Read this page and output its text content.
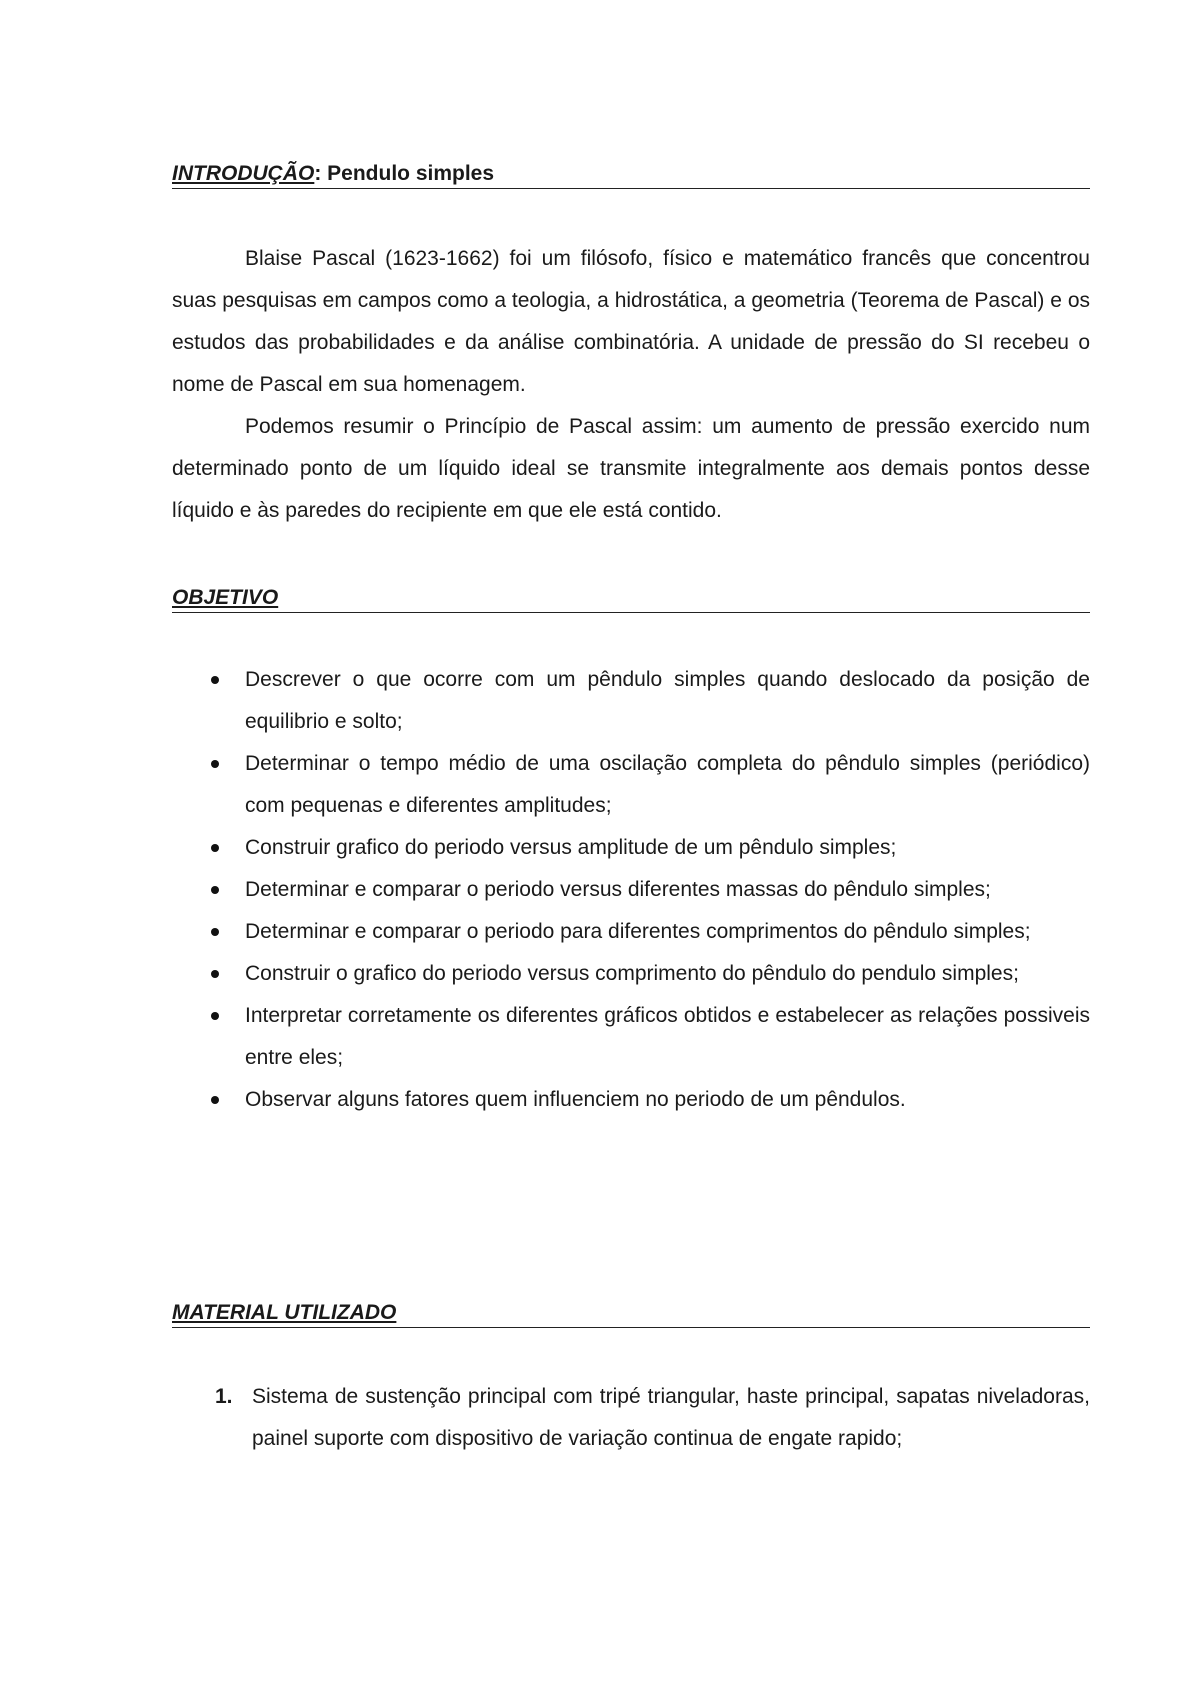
INTRODUÇÃO: Pendulo simples

Blaise Pascal (1623-1662) foi um filósofo, físico e matemático francês que concentrou suas pesquisas em campos como a teologia, a hidrostática, a geometria (Teorema de Pascal) e os estudos das probabilidades e da análise combinatória. A unidade de pressão do SI recebeu o nome de Pascal em sua homenagem.

Podemos resumir o Princípio de Pascal assim: um aumento de pressão exercido num determinado ponto de um líquido ideal se transmite integralmente aos demais pontos desse líquido e às paredes do recipiente em que ele está contido.

OBJETIVO
Descrever o que ocorre com um pêndulo simples quando deslocado da posição de equilibrio e solto;
Determinar o tempo médio de uma oscilação completa do pêndulo simples (periódico) com pequenas e diferentes amplitudes;
Construir grafico do periodo versus amplitude de um pêndulo simples;
Determinar e comparar o periodo versus diferentes massas do pêndulo simples;
Determinar e comparar o periodo para diferentes comprimentos do pêndulo simples;
Construir o grafico do periodo versus comprimento do pêndulo do pendulo simples;
Interpretar corretamente os diferentes gráficos obtidos e estabelecer as relações possiveis entre eles;
Observar alguns fatores quem influenciem no periodo de um pêndulos.
MATERIAL UTILIZADO
1. Sistema de sustenção principal com tripé triangular, haste principal, sapatas niveladoras, painel suporte com dispositivo de variação continua de engate rapido;
